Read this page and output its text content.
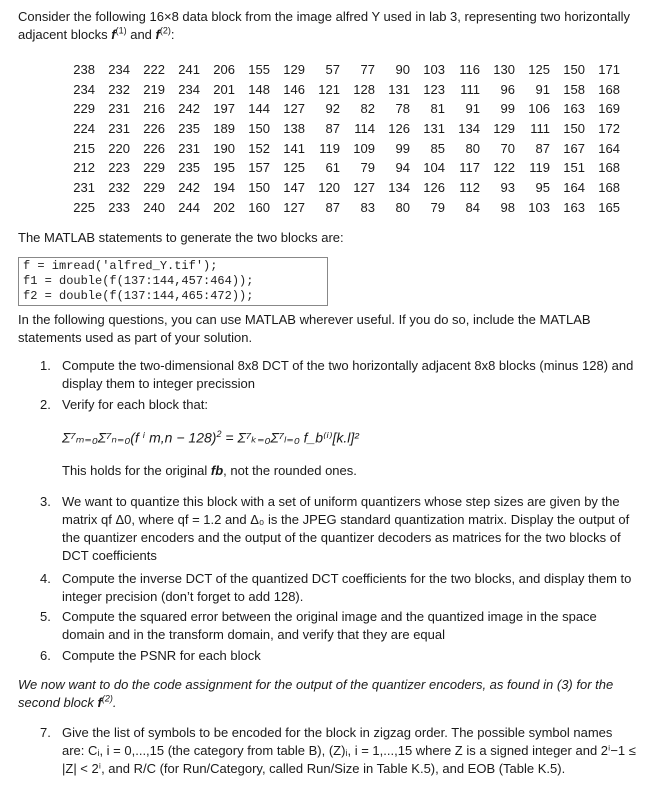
Consider the following 16×8 data block from the image alfred Y used in lab 3, representing two horizontally adjacent blocks $f^{(1)}$ and $f^{(2)}$:
238	234	222	241	206	155	129	57	77	90	103	116	130	125	150	171
234	232	219	234	201	148	146	121	128	131	123	111	96	91	158	168
229	231	216	242	197	144	127	92	82	78	81	91	99	106	163	169
224	231	226	235	189	150	138	87	114	126	131	134	129	111	150	172
215	220	226	231	190	152	141	119	109	99	85	80	70	87	167	164
212	223	229	235	195	157	125	61	79	94	104	117	122	119	151	168
231	232	229	242	194	150	147	120	127	134	126	112	93	95	164	168
225	233	240	244	202	160	127	87	83	80	79	84	98	103	163	165
The MATLAB statements to generate the two blocks are:
f = imread('alfred_Y.tif');
f1 = double(f(137:144,457:464));
f2 = double(f(137:144,465:472));
In the following questions, you can use MATLAB wherever useful. If you do so, include the MATLAB statements used as part of your solution.
1. Compute the two-dimensional 8x8 DCT of the two horizontally adjacent 8x8 blocks (minus 128) and display them to integer precission
2. Verify for each block that:
Σ⁷ₘ₌₀Σ⁷ₙ₌₀(f ⁱ m,n − 128)$^2$ = Σ⁷ₖ₌₀Σ⁷ₗ₌₀ f_b⁽ⁱ⁾[k.l]²
This holds for the original fb, not the rounded ones.
3. We want to quantize this block with a set of uniform quantizers whose step sizes are given by the matrix qf Δ0, where qf = 1.2 and Δ₀ is the JPEG standard quantization matrix. Display the output of the quantizer encoders and the output of the quantizer decoders as matrices for the two blocks of DCT coefficients
4. Compute the inverse DCT of the quantized DCT coefficients for the two blocks, and display them to integer precision (don’t forget to add 128).
5. Compute the squared error between the original image and the quantized image in the space domain and in the transform domain, and verify that they are equal
6. Compute the PSNR for each block
We now want to do the code assignment for the output of the quantizer encoders, as found in (3) for the second block $f^{(2)}$.
7. Give the list of symbols to be encoded for the block in zigzag order. The possible symbol names are: Cᵢ, i = 0,...,15 (the category from table B), (Z)ᵢ, i = 1,...,15 where Z is a signed integer and 2ⁱ−1 ≤ |Z| < 2ⁱ, and R/C (for Run/Category, called Run/Size in Table K.5), and EOB (Table K.5).
